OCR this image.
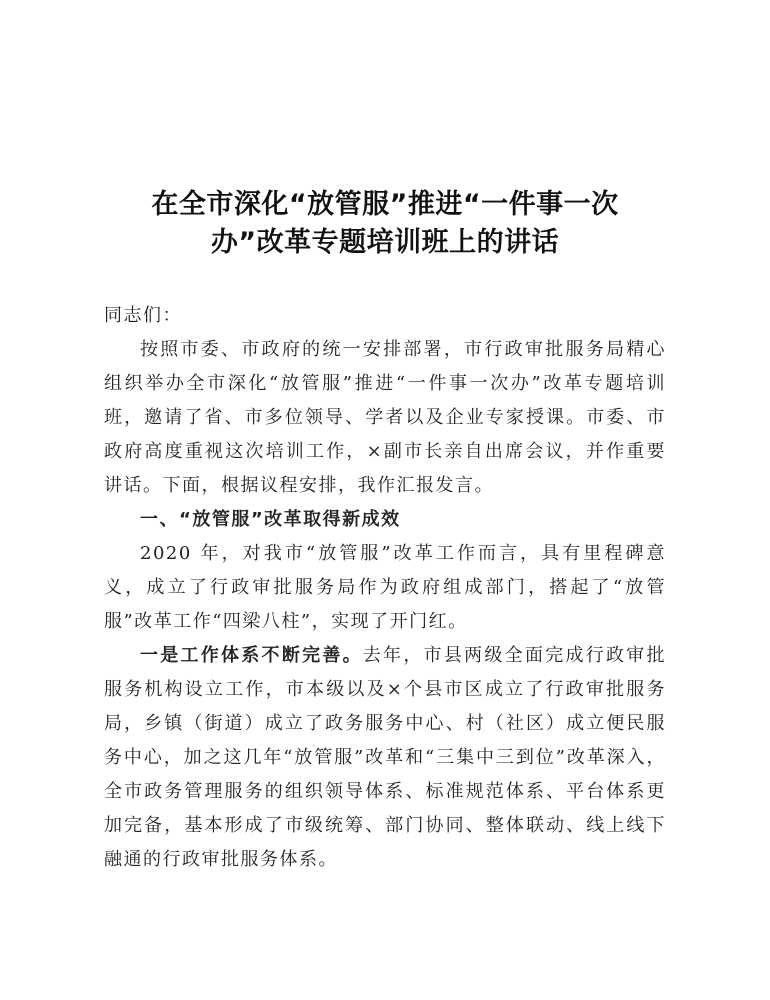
在全市深化“放管服”推进“一件事一次
办”改革专题培训班上的讲话

同志们：

按照市委、市政府的统一安排部署，市行政审批服务局精心组织举办全市深化“放管服”推进“一件事一次办”改革专题培训班，邀请了省、市多位领导、学者以及企业专家授课。市委、市政府高度重视这次培训工作，×副市长亲自出席会议，并作重要讲话。下面，根据议程安排，我作汇报发言。

一、“放管服”改革取得新成效

2020 年，对我市“放管服”改革工作而言，具有里程碑意义，成立了行政审批服务局作为政府组成部门，搭起了“放管服”改革工作“四梁八柱”，实现了开门红。

一是工作体系不断完善。去年，市县两级全面完成行政审批服务机构设立工作，市本级以及×个县市区成立了行政审批服务局，乡镇（街道）成立了政务服务中心、村（社区）成立便民服务中心，加之这几年“放管服”改革和“三集中三到位”改革深入，全市政务管理服务的组织领导体系、标准规范体系、平台体系更加完备，基本形成了市级统筹、部门协同、整体联动、线上线下融通的行政审批服务体系。
